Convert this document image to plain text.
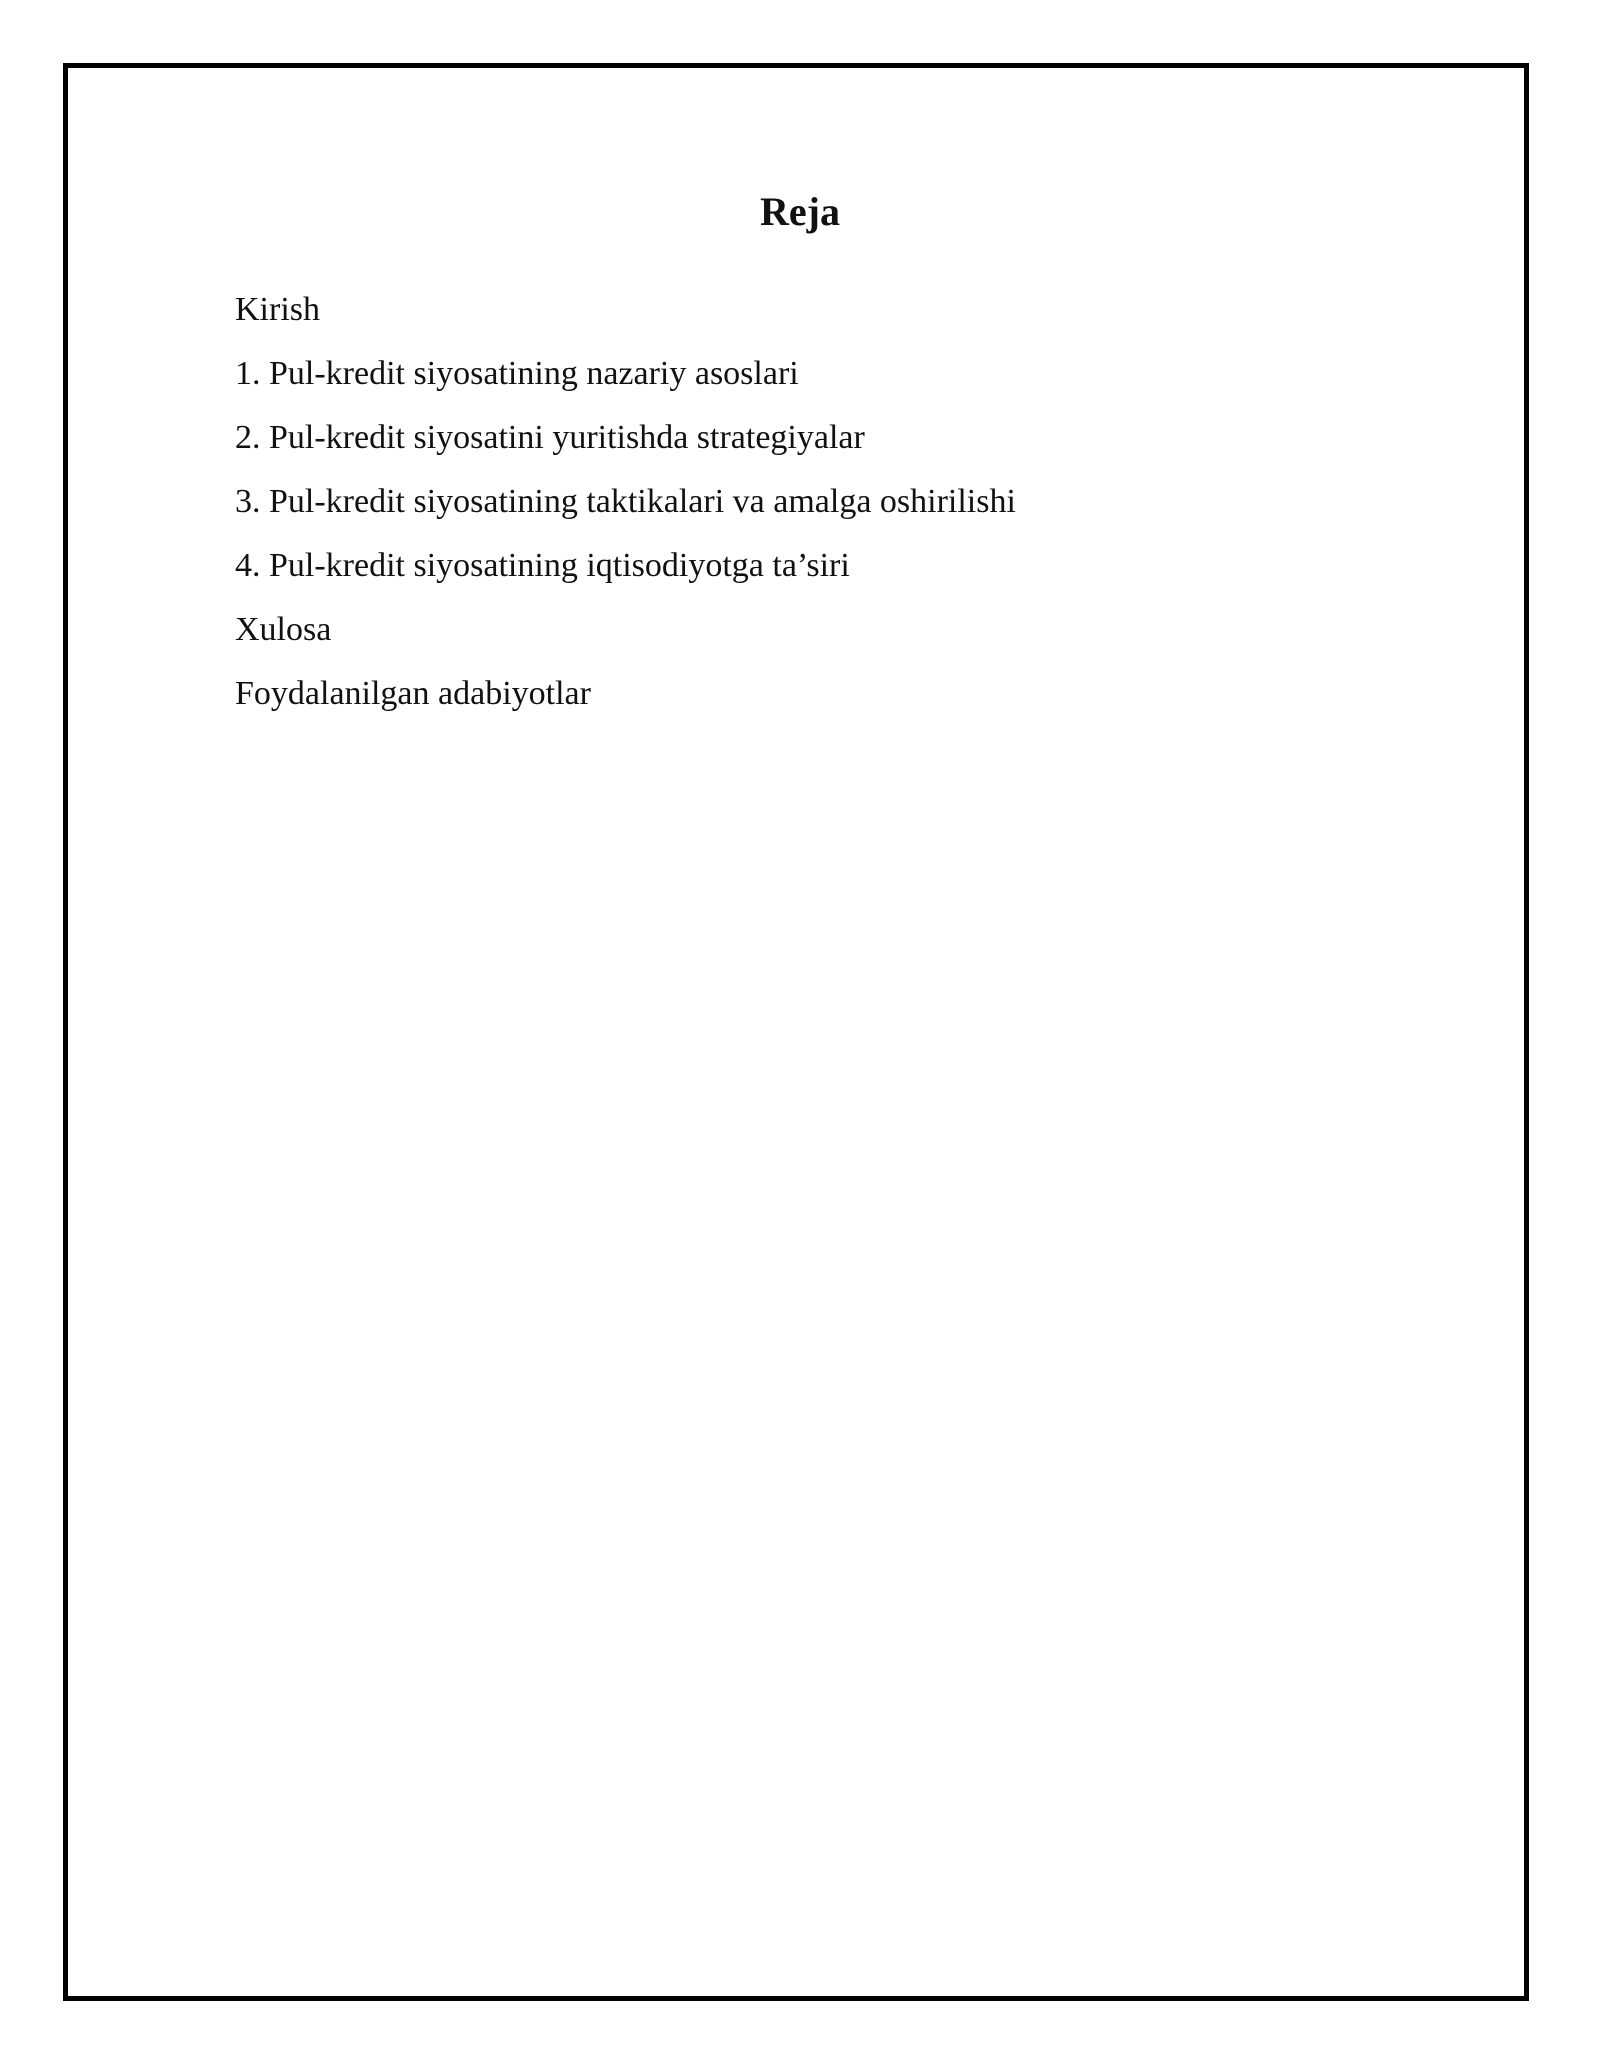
Reja
Kirish
1. Pul-kredit siyosatining nazariy asoslari
2. Pul-kredit siyosatini yuritishda strategiyalar
3. Pul-kredit siyosatining taktikalari va amalga oshirilishi
4. Pul-kredit siyosatining iqtisodiyotga ta’siri
Xulosa
Foydalanilgan adabiyotlar
